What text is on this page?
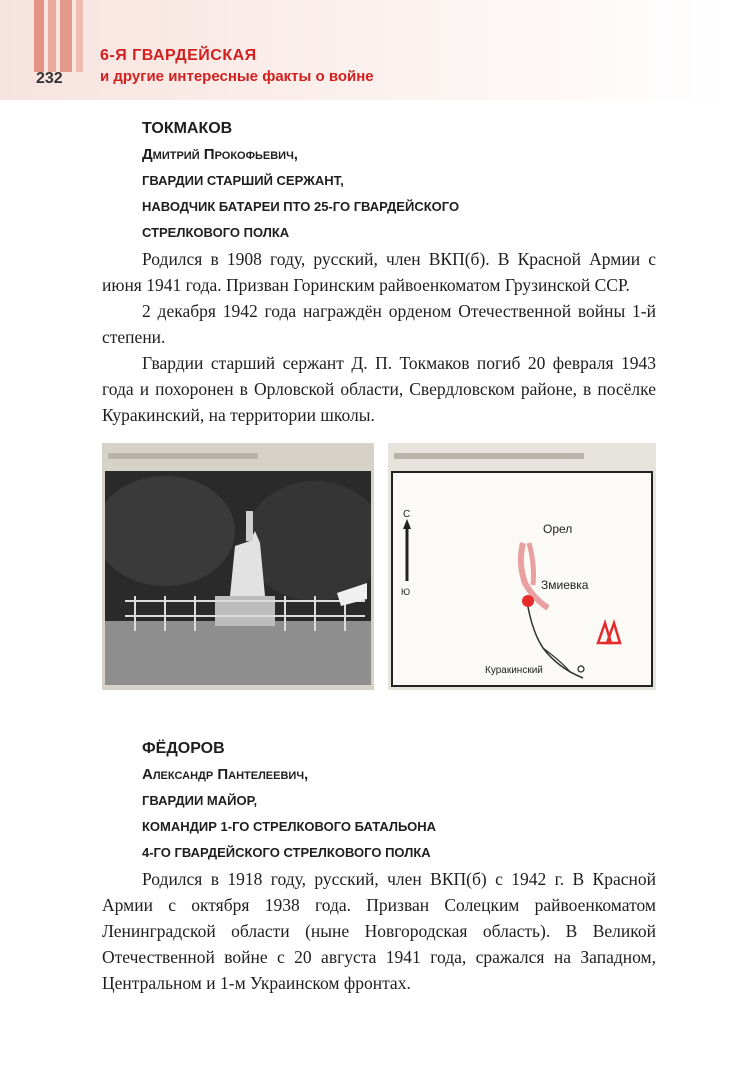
232
6-Я ГВАРДЕЙСКАЯ
и другие интересные факты о войне
ТОКМАКОВ
Дмитрий Прокофьевич,
ГВАРДИИ СТАРШИЙ СЕРЖАНТ,
НАВОДЧИК БАТАРЕИ ПТО 25-ГО ГВАРДЕЙСКОГО
СТРЕЛКОВОГО ПОЛКА

Родился в 1908 году, русский, член ВКП(б). В Красной Армии с июня 1941 года. Призван Горинским райвоенкоматом Грузинской ССР.

2 декабря 1942 года награждён орденом Отечественной войны 1-й степени.

Гвардии старший сержант Д. П. Токмаков погиб 20 февраля 1943 года и похоронен в Орловской области, Свердловском районе, в посёлке Куракинский, на территории школы.

С
Ю
Орел
Змиевка
Куракинский
ФЁДОРОВ
Александр Пантелеевич,
ГВАРДИИ МАЙОР,
КОМАНДИР 1-ГО СТРЕЛКОВОГО БАТАЛЬОНА
4-ГО ГВАРДЕЙСКОГО СТРЕЛКОВОГО ПОЛКА

Родился в 1918 году, русский, член ВКП(б) с 1942 г. В Красной Армии с октября 1938 года. Призван Солецким райвоенкоматом Ленинградской области (ныне Новгородская область). В Великой Отечественной войне с 20 августа 1941 года, сражался на Западном, Центральном и 1-м Украинском фронтах.
